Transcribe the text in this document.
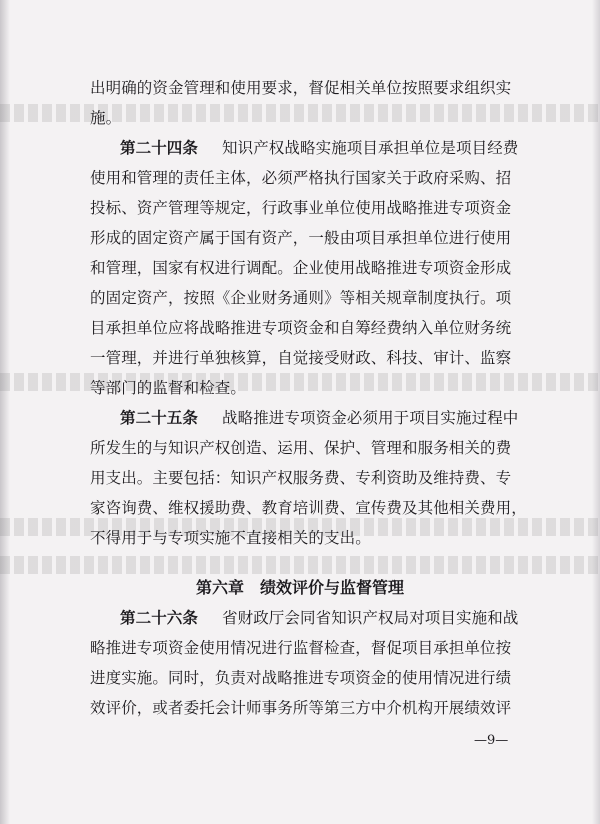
出明确的资金管理和使用要求，督促相关单位按照要求组织实
施。
第二十四条 知识产权战略实施项目承担单位是项目经费
使用和管理的责任主体，必须严格执行国家关于政府采购、招
投标、资产管理等规定，行政事业单位使用战略推进专项资金
形成的固定资产属于国有资产，一般由项目承担单位进行使用
和管理，国家有权进行调配。企业使用战略推进专项资金形成
的固定资产，按照《企业财务通则》等相关规章制度执行。项
目承担单位应将战略推进专项资金和自筹经费纳入单位财务统
一管理，并进行单独核算，自觉接受财政、科技、审计、监察
等部门的监督和检查。
第二十五条 战略推进专项资金必须用于项目实施过程中
所发生的与知识产权创造、运用、保护、管理和服务相关的费
用支出。主要包括：知识产权服务费、专利资助及维持费、专
家咨询费、维权援助费、教育培训费、宣传费及其他相关费用，
不得用于与专项实施不直接相关的支出。
第六章　绩效评价与监督管理
第二十六条 省财政厅会同省知识产权局对项目实施和战
略推进专项资金使用情况进行监督检查，督促项目承担单位按
进度实施。同时，负责对战略推进专项资金的使用情况进行绩
效评价，或者委托会计师事务所等第三方中介机构开展绩效评
—9—
